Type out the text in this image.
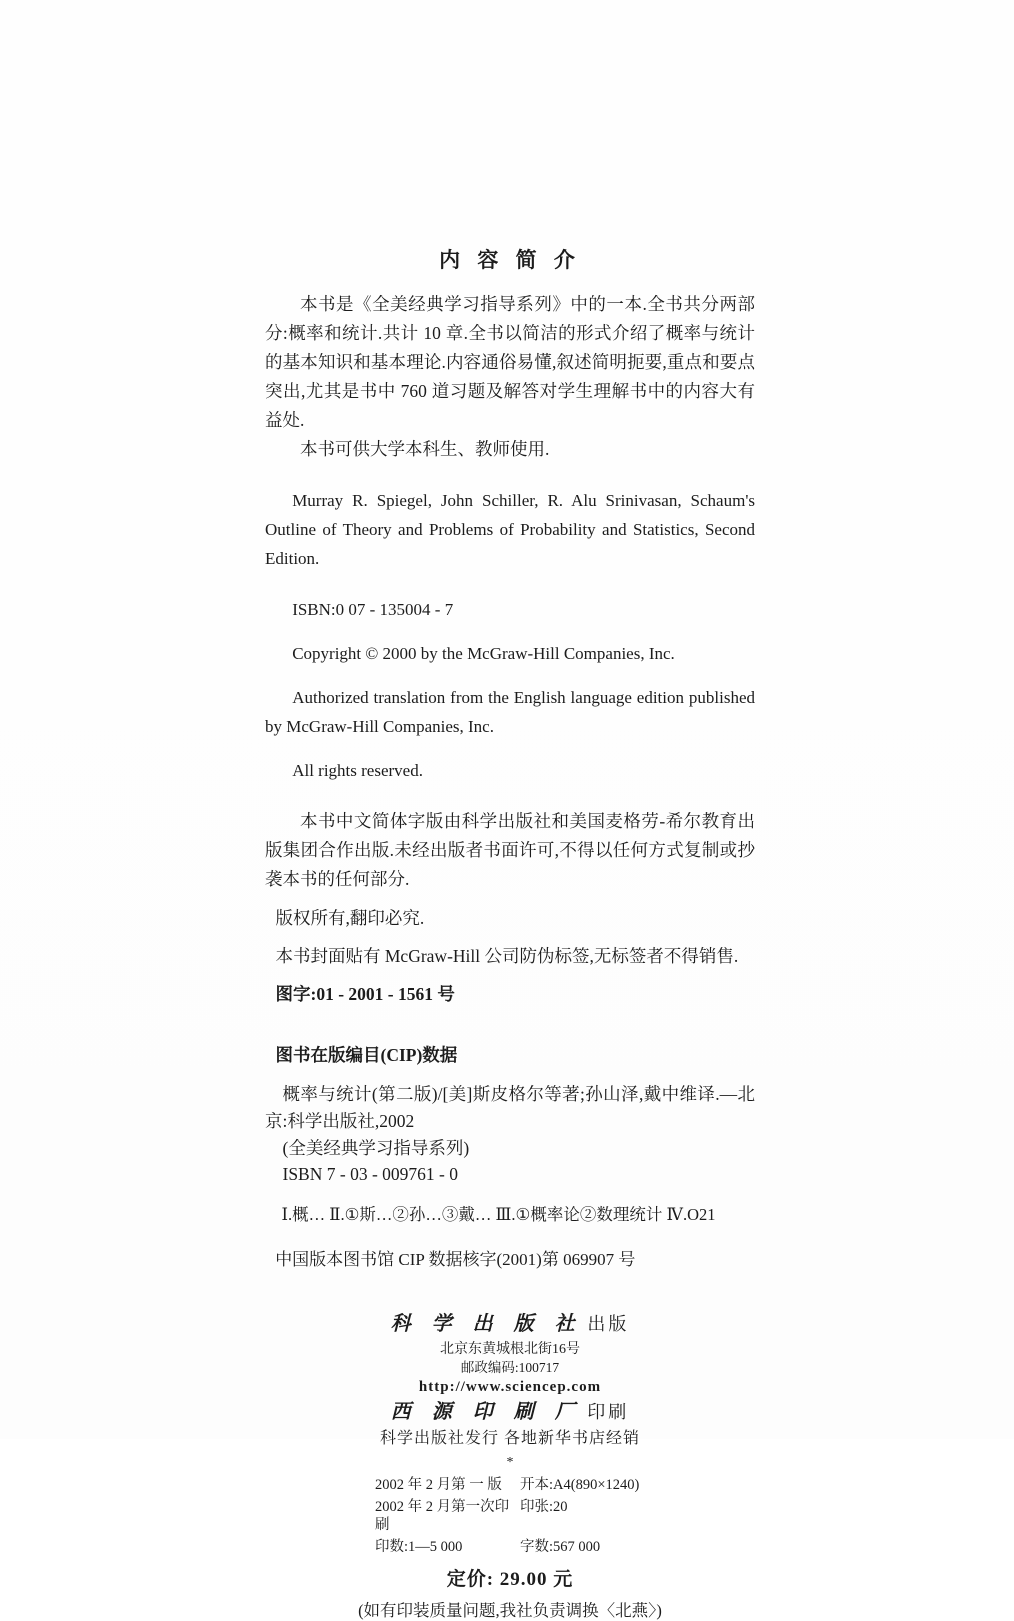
内 容 简 介

本书是《全美经典学习指导系列》中的一本.全书共分两部分:概率和统计.共计 10 章.全书以简洁的形式介绍了概率与统计的基本知识和基本理论.内容通俗易懂,叙述简明扼要,重点和要点突出,尤其是书中 760 道习题及解答对学生理解书中的内容大有益处.

本书可供大学本科生、教师使用.

Murray R. Spiegel, John Schiller, R. Alu Srinivasan, Schaum's Outline of Theory and Problems of Probability and Statistics, Second Edition.

ISBN:0 07 - 135004 - 7

Copyright © 2000 by the McGraw-Hill Companies, Inc.

Authorized translation from the English language edition published by McGraw-Hill Companies, Inc.

All rights reserved.

本书中文简体字版由科学出版社和美国麦格劳-希尔教育出版集团合作出版.未经出版者书面许可,不得以任何方式复制或抄袭本书的任何部分.

版权所有,翻印必究.

本书封面贴有 McGraw-Hill 公司防伪标签,无标签者不得销售.

图字:01 - 2001 - 1561 号

图书在版编目(CIP)数据

概率与统计(第二版)/[美]斯皮格尔等著;孙山泽,戴中维译.—北京:科学出版社,2002

(全美经典学习指导系列)

ISBN 7 - 03 - 009761 - 0

Ⅰ.概… Ⅱ.①斯…②孙…③戴… Ⅲ.①概率论②数理统计 Ⅳ.O21

中国版本图书馆 CIP 数据核字(2001)第 069907 号

科 学 出 版 社 出版
北京东黄城根北街16号
邮政编码:100717
http://www.sciencep.com
西 源 印 刷 厂 印刷
科学出版社发行 各地新华书店经销
*
2002 年 2 月第 一 版	开本:A4(890×1240)
2002 年 2 月第一次印刷
印张:20
印数:1—5 000	字数:567 000
定价: 29.00 元
(如有印装质量问题,我社负责调换〈北燕〉)
